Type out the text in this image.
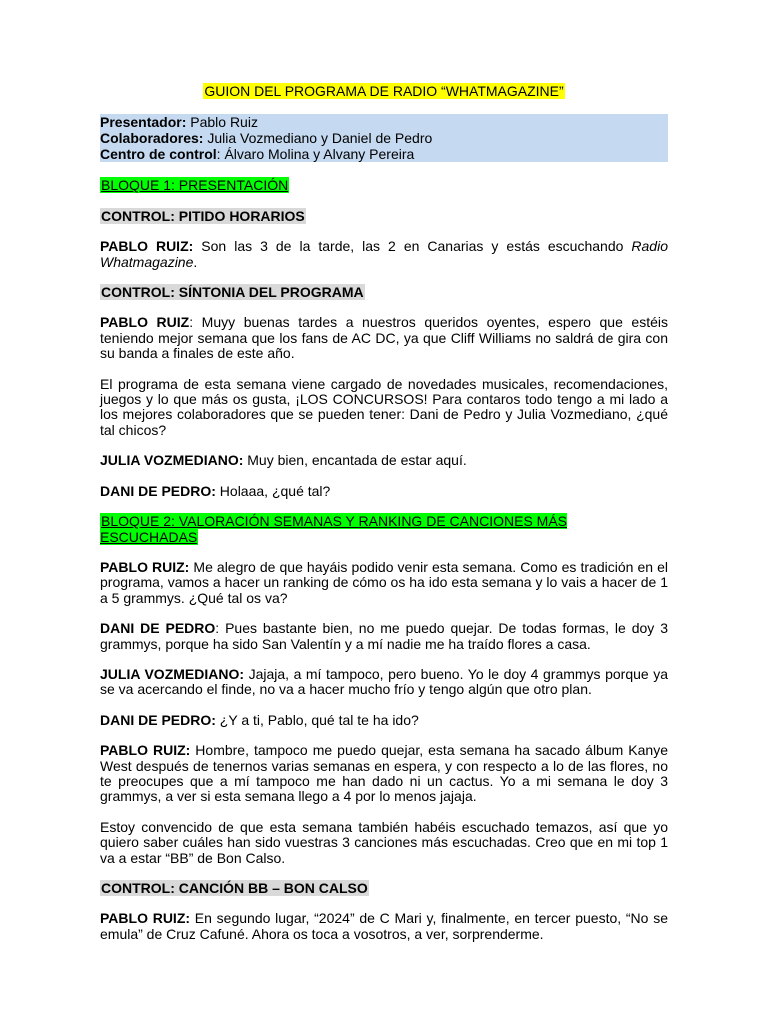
GUION DEL PROGRAMA DE RADIO “WHATMAGAZINE”

Presentador: Pablo Ruiz

Colaboradores: Julia Vozmediano y Daniel de Pedro

Centro de control: Álvaro Molina y Alvany Pereira

BLOQUE 1: PRESENTACIÓN

CONTROL: PITIDO HORARIOS

PABLO RUIZ: Son las 3 de la tarde, las 2 en Canarias y estás escuchando Radio Whatmagazine.

CONTROL: SÍNTONIA DEL PROGRAMA

PABLO RUIZ: Muyy buenas tardes a nuestros queridos oyentes, espero que estéis teniendo mejor semana que los fans de AC DC, ya que Cliff Williams no saldrá de gira con su banda a finales de este año.

El programa de esta semana viene cargado de novedades musicales, recomendaciones, juegos y lo que más os gusta, ¡LOS CONCURSOS! Para contaros todo tengo a mi lado a los mejores colaboradores que se pueden tener: Dani de Pedro y Julia Vozmediano, ¿qué tal chicos?

JULIA VOZMEDIANO: Muy bien, encantada de estar aquí.

DANI DE PEDRO: Holaaa, ¿qué tal?

BLOQUE 2: VALORACIÓN SEMANAS Y RANKING DE CANCIONES MÁS ESCUCHADAS

PABLO RUIZ: Me alegro de que hayáis podido venir esta semana. Como es tradición en el programa, vamos a hacer un ranking de cómo os ha ido esta semana y lo vais a hacer de 1 a 5 grammys. ¿Qué tal os va?

DANI DE PEDRO: Pues bastante bien, no me puedo quejar. De todas formas, le doy 3 grammys, porque ha sido San Valentín y a mí nadie me ha traído flores a casa.

JULIA VOZMEDIANO: Jajaja, a mí tampoco, pero bueno. Yo le doy 4 grammys porque ya se va acercando el finde, no va a hacer mucho frío y tengo algún que otro plan.

DANI DE PEDRO: ¿Y a ti, Pablo, qué tal te ha ido?

PABLO RUIZ: Hombre, tampoco me puedo quejar, esta semana ha sacado álbum Kanye West después de tenernos varias semanas en espera, y con respecto a lo de las flores, no te preocupes que a mí tampoco me han dado ni un cactus. Yo a mi semana le doy 3 grammys, a ver si esta semana llego a 4 por lo menos jajaja.

Estoy convencido de que esta semana también habéis escuchado temazos, así que yo quiero saber cuáles han sido vuestras 3 canciones más escuchadas. Creo que en mi top 1 va a estar “BB” de Bon Calso.

CONTROL: CANCIÓN BB – BON CALSO

PABLO RUIZ: En segundo lugar, “2024” de C Mari y, finalmente, en tercer puesto, “No se emula” de Cruz Cafuné. Ahora os toca a vosotros, a ver, sorprenderme.
